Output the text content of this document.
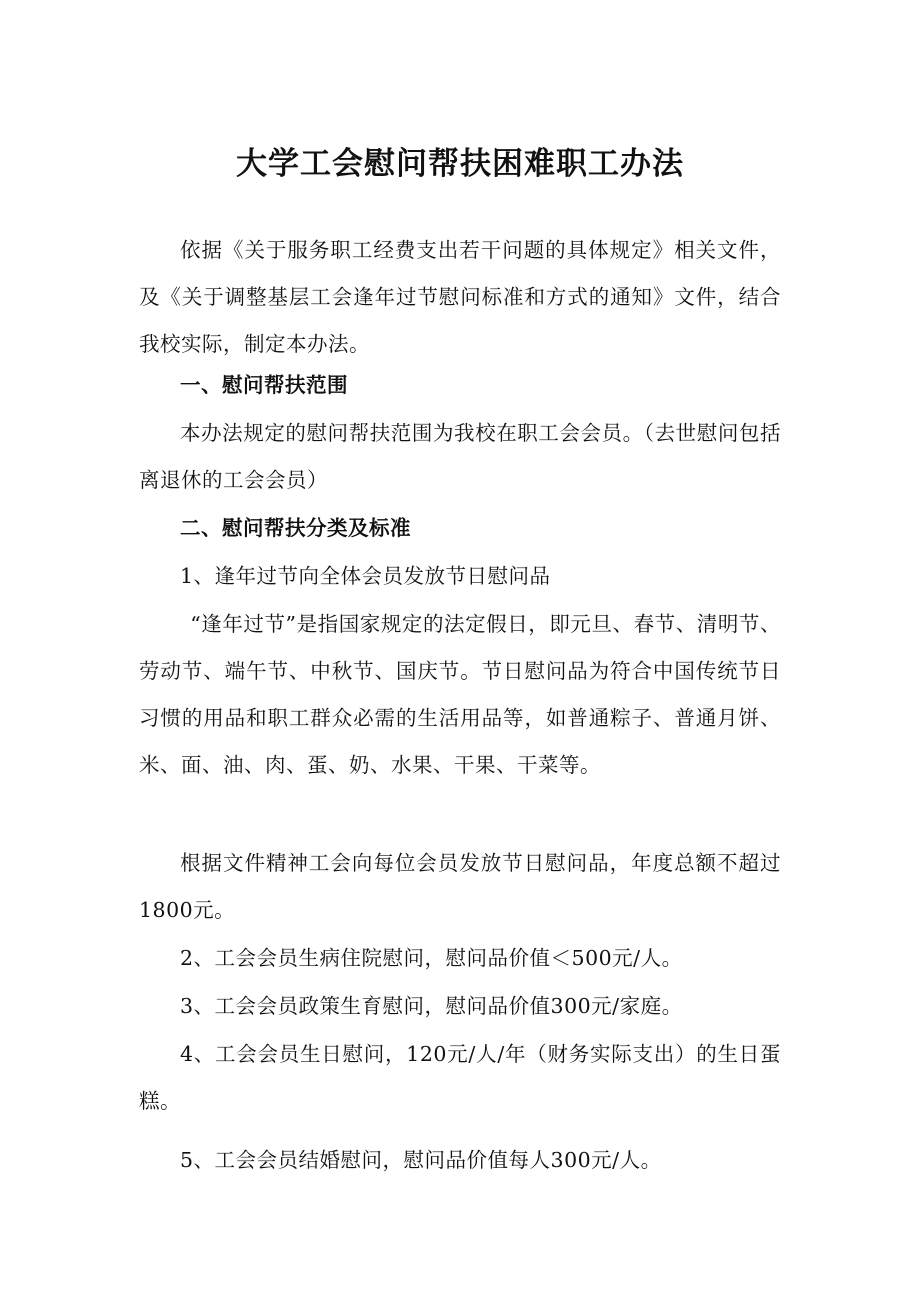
大学工会慰问帮扶困难职工办法

依据《关于服务职工经费支出若干问题的具体规定》相关文件，及《关于调整基层工会逢年过节慰问标准和方式的通知》文件，结合我校实际，制定本办法。

一、慰问帮扶范围

本办法规定的慰问帮扶范围为我校在职工会会员。（去世慰问包括离退休的工会会员）

二、慰问帮扶分类及标准

1、逢年过节向全体会员发放节日慰问品

“逢年过节”是指国家规定的法定假日，即元旦、春节、清明节、劳动节、端午节、中秋节、国庆节。节日慰问品为符合中国传统节日习惯的用品和职工群众必需的生活用品等，如普通粽子、普通月饼、米、面、油、肉、蛋、奶、水果、干果、干菜等。

根据文件精神工会向每位会员发放节日慰问品，年度总额不超过1800元。

2、工会会员生病住院慰问，慰问品价值＜500元/人。

3、工会会员政策生育慰问，慰问品价值300元/家庭。

4、工会会员生日慰问，120元/人/年（财务实际支出）的生日蛋糕。

5、工会会员结婚慰问，慰问品价值每人300元/人。
